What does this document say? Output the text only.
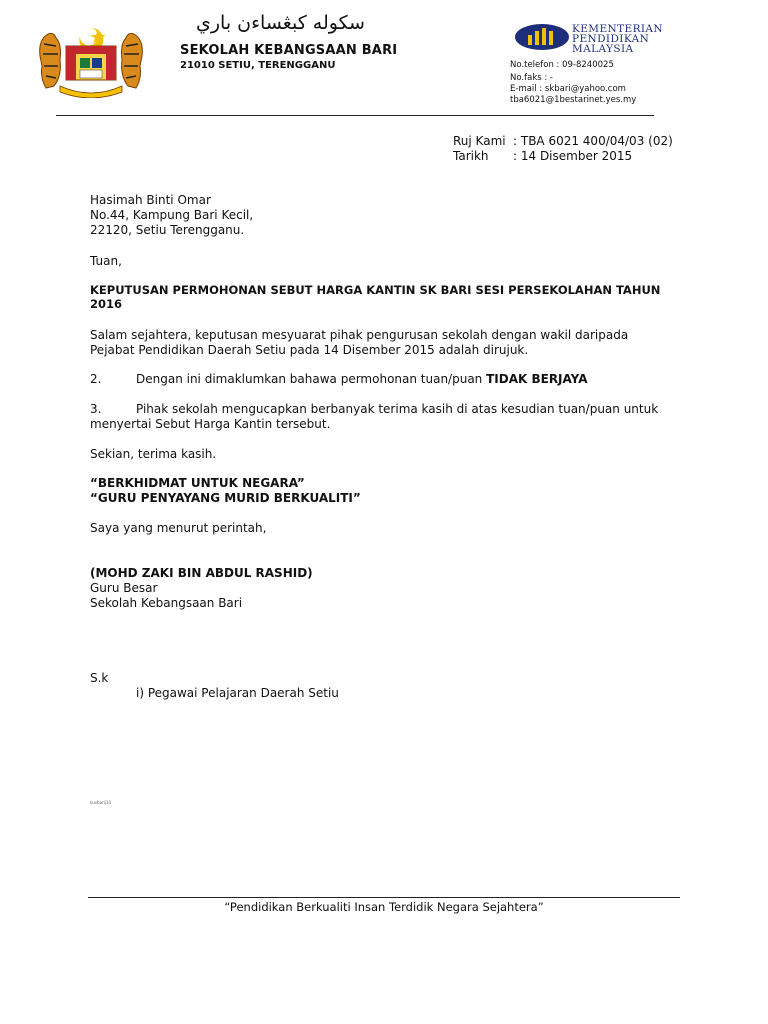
سكوله كبڠساءن باري
SEKOLAH KEBANGSAAN BARI
21010 SETIU, TERENGGANU
KEMENTERIAN
PENDIDIKAN
MALAYSIA
No.telefon : 09-8240025
No.faks : -
E-mail : skbari@yahoo.com
tba6021@1bestarinet.yes.my
Ruj Kami : TBA 6021 400/04/03 (02)
Tarikh : 14 Disember 2015
Hasimah Binti Omar
No.44, Kampung Bari Kecil,
22120, Setiu Terengganu.
Tuan,
KEPUTUSAN PERMOHONAN SEBUT HARGA KANTIN SK BARI SESI PERSEKOLAHAN TAHUN
2016
Salam sejahtera, keputusan mesyuarat pihak pengurusan sekolah dengan wakil daripada
Pejabat Pendidikan Daerah Setiu pada 14 Disember 2015 adalah dirujuk.
2.	Dengan ini dimaklumkan bahawa permohonan tuan/puan TIDAK BERJAYA
3.	Pihak sekolah mengucapkan berbanyak terima kasih di atas kesudian tuan/puan untuk
menyertai Sebut Harga Kantin tersebut.
Sekian, terima kasih.
“BERKHIDMAT UNTUK NEGARA”
“GURU PENYAYANG MURID BERKUALITI”
Saya yang menurut perintah,
(MOHD ZAKI BIN ABDUL RASHID)
Guru Besar
Sekolah Kebangsaan Bari
S.k
i) Pegawai Pelajaran Daerah Setiu
kuvbarij10
“Pendidikan Berkualiti Insan Terdidik Negara Sejahtera”
